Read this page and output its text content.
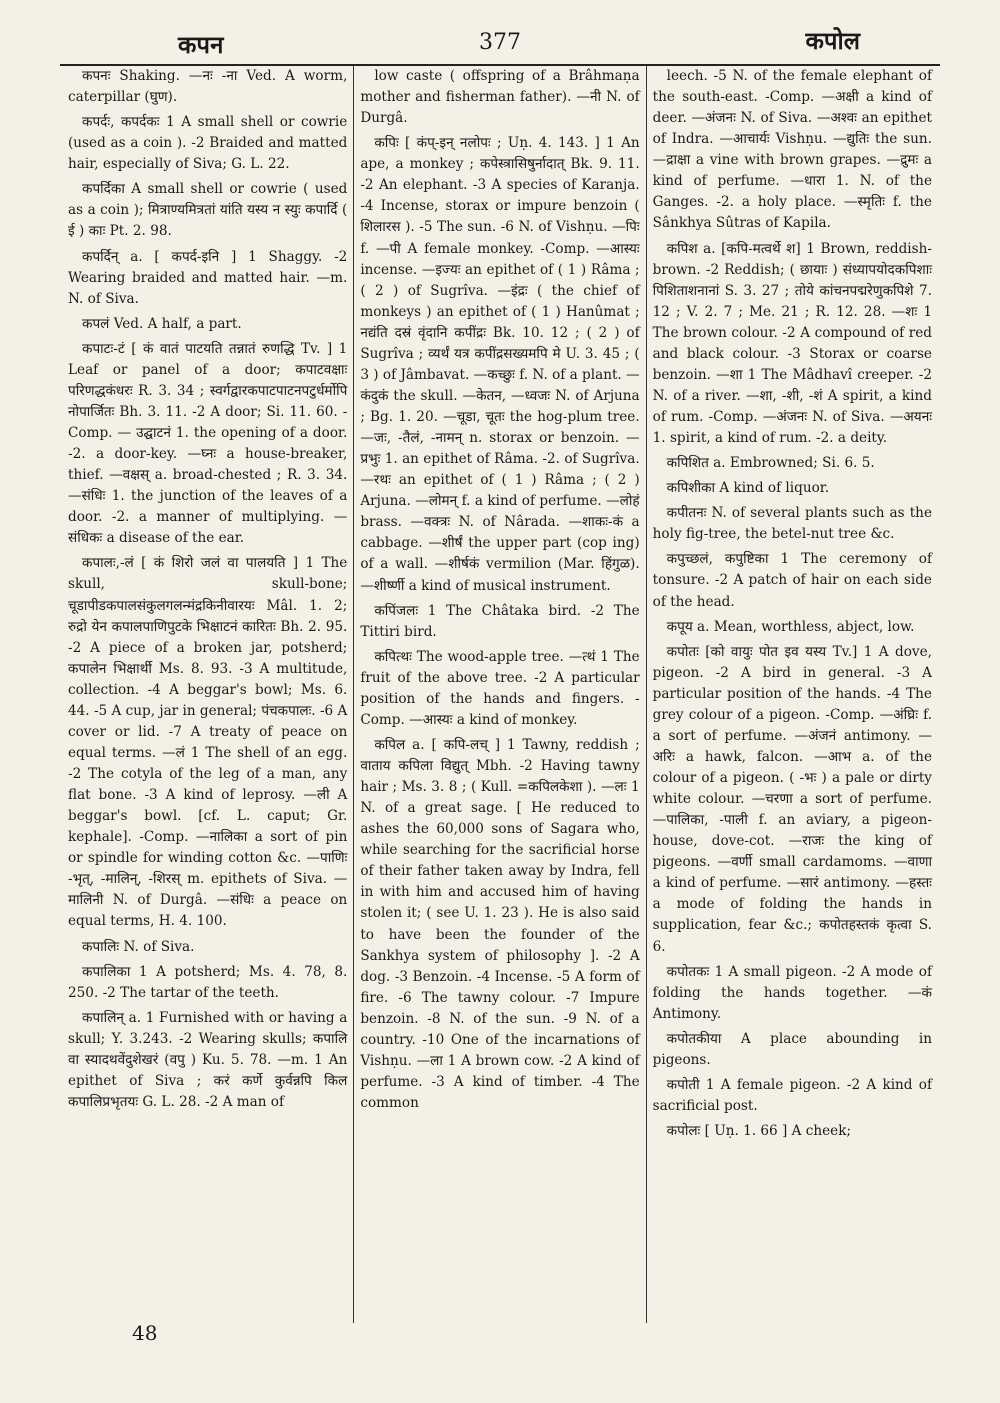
कपन	377	कपोल

कपनः Shaking. —नः -ना Ved. A worm, caterpillar (घुण).

कपर्दः, कपर्दकः 1 A small shell or cowrie (used as a coin ). -2 Braided and matted hair, especially of Siva; G. L. 22.

कपर्दिका A small shell or cowrie ( used as a coin ); मित्राण्यमित्रतां यांति यस्य न स्युः कपार्दि ( ई ) काः Pt. 2. 98.

कपर्दिन् a. [ कपर्द-इनि ] 1 Shaggy. -2 Wearing braided and matted hair. —m. N. of Siva.

कपलं Ved. A half, a part.

कपाटः-टं [ कं वातं पाटयति तन्नातं रुणद्धि Tv. ] 1 Leaf or panel of a door; कपाटवक्षाः परिणद्धकंधरः R. 3. 34 ; स्वर्गद्वारकपाटपाटनपटुर्धर्मोपि नोपार्जितः Bh. 3. 11. -2 A door; Si. 11. 60. -Comp. — उद्घाटनं 1. the opening of a door. -2. a door-key. —घ्नः a house-breaker, thief. —वक्षस् a. broad-chested ; R. 3. 34. —संधिः 1. the junction of the leaves of a door. -2. a manner of multiplying. —संधिकः a disease of the ear.

कपालः,-लं [ कं शिरो जलं वा पालयति ] 1 The skull, skull-bone; चूडापीडकपालसंकुलगलन्मंद्रकिनीवारयः Mâl. 1. 2; रुद्रो येन कपालपाणिपुटके भिक्षाटनं कारितः Bh. 2. 95. -2 A piece of a broken jar, potsherd; कपालेन भिक्षार्थी Ms. 8. 93. -3 A multitude, collection. -4 A beggar's bowl; Ms. 6. 44. -5 A cup, jar in general; पंचकपालः. -6 A cover or lid. -7 A treaty of peace on equal terms. —लं 1 The shell of an egg. -2 The cotyla of the leg of a man, any flat bone. -3 A kind of leprosy. —ली A beggar's bowl. [cf. L. caput; Gr. kephale]. -Comp. —नालिका a sort of pin or spindle for winding cotton &c. —पाणिः -भृत्, -मालिन्, -शिरस् m. epithets of Siva. —मालिनी N. of Durgâ. —संधिः a peace on equal terms, H. 4. 100.

कपालिः N. of Siva.

कपालिका 1 A potsherd; Ms. 4. 78, 8. 250. -2 The tartar of the teeth.

कपालिन् a. 1 Furnished with or having a skull; Y. 3.243. -2 Wearing skulls; कपालि वा स्यादथवेंदुशेखरं (वपु ) Ku. 5. 78. —m. 1 An epithet of Siva ; करं कर्णे कुर्वन्नपि किल कपालिप्रभृतयः G. L. 28. -2 A man of

low caste ( offspring of a Brâhmaṇa mother and fisherman father). —नी N. of Durgâ.

कपिः [ कंप्-इन् नलोपः ; Uṇ. 4. 143. ] 1 An ape, a monkey ; कपेस्त्रासिषुर्नादात् Bk. 9. 11. -2 An elephant. -3 A species of Karanja. -4 Incense, storax or impure benzoin ( शिलारस ). -5 The sun. -6 N. of Vishṇu. —पिः f. —पी A female monkey. -Comp. —आस्यः incense. —इज्यः an epithet of ( 1 ) Râma ; ( 2 ) of Sugrîva. —इंद्रः ( the chief of monkeys ) an epithet of ( 1 ) Hanûmat ; नद्यंति दस्रं वृंदानि कपींद्रः Bk. 10. 12 ; ( 2 ) of Sugrîva ; व्यर्थं यत्र कपींद्रसख्यमपि मे U. 3. 45 ; ( 3 ) of Jâmbavat. —कच्छुः f. N. of a plant. —कंदुकं the skull. —केतन, —ध्वजः N. of Arjuna ; Bg. 1. 20. —चूडा, चूतः the hog-plum tree. —जः, -तैलं, -नामन् n. storax or benzoin. —प्रभुः 1. an epithet of Râma. -2. of Sugrîva. —रथः an epithet of ( 1 ) Râma ; ( 2 ) Arjuna. —लोमन् f. a kind of perfume. —लोहं brass. —वक्त्रः N. of Nârada. —शाकः-कं a cabbage. —शीर्षं the upper part (cop ing) of a wall. —शीर्षकं vermilion (Mar. हिंगुळ). —शीर्ष्णी a kind of musical instrument.

कपिंजलः 1 The Châtaka bird. -2 The Tittiri bird.

कपित्थः The wood-apple tree. —त्थं 1 The fruit of the above tree. -2 A particular position of the hands and fingers. -Comp. —आस्यः a kind of monkey.

कपिल a. [ कपि-लच् ] 1 Tawny, reddish ; वाताय कपिला विद्युत् Mbh. -2 Having tawny hair ; Ms. 3. 8 ; ( Kull. =कपिलकेशा ). —लः 1 N. of a great sage. [ He reduced to ashes the 60,000 sons of Sagara who, while searching for the sacrificial horse of their father taken away by Indra, fell in with him and accused him of having stolen it; ( see U. 1. 23 ). He is also said to have been the founder of the Sankhya system of philosophy ]. -2 A dog. -3 Benzoin. -4 Incense. -5 A form of fire. -6 The tawny colour. -7 Impure benzoin. -8 N. of the sun. -9 N. of a country. -10 One of the incarnations of Vishṇu. —ला 1 A brown cow. -2 A kind of perfume. -3 A kind of timber. -4 The common

leech. -5 N. of the female elephant of the south-east. -Comp. —अक्षी a kind of deer. —अंजनः N. of Siva. —अश्वः an epithet of Indra. —आचार्यः Vishṇu. —द्युतिः the sun. —द्राक्षा a vine with brown grapes. —द्रुमः a kind of perfume. —धारा 1. N. of the Ganges. -2. a holy place. —स्मृतिः f. the Sânkhya Sûtras of Kapila.

कपिश a. [कपि-मत्वर्थे श] 1 Brown, reddish-brown. -2 Reddish; ( छायाः ) संध्यापयोदकपिशाः पिशिताशनानां S. 3. 27 ; तोये कांचनपद्मरेणुकपिशे 7. 12 ; V. 2. 7 ; Me. 21 ; R. 12. 28. —शः 1 The brown colour. -2 A compound of red and black colour. -3 Storax or coarse benzoin. —शा 1 The Mâdhavî creeper. -2 N. of a river. —शा, -शी, -शं A spirit, a kind of rum. -Comp. —अंजनः N. of Siva. —अयनः 1. spirit, a kind of rum. -2. a deity.

कपिशित a. Embrowned; Si. 6. 5.

कपिशीका A kind of liquor.

कपीतनः N. of several plants such as the holy fig-tree, the betel-nut tree &c.

कपुच्छलं, कपुष्टिका 1 The ceremony of tonsure. -2 A patch of hair on each side of the head.

कपूय a. Mean, worthless, abject, low.

कपोतः [को वायुः पोत इव यस्य Tv.] 1 A dove, pigeon. -2 A bird in general. -3 A particular position of the hands. -4 The grey colour of a pigeon. -Comp. —अंघ्रिः f. a sort of perfume. —अंजनं antimony. —अरिः a hawk, falcon. —आभ a. of the colour of a pigeon. ( -भः ) a pale or dirty white colour. —चरणा a sort of perfume. —पालिका, -पाली f. an aviary, a pigeon-house, dove-cot. —राजः the king of pigeons. —वर्णी small cardamoms. —वाणा a kind of perfume. —सारं antimony. —हस्तः a mode of folding the hands in supplication, fear &c.; कपोतहस्तकं कृत्वा S. 6.

कपोतकः 1 A small pigeon. -2 A mode of folding the hands together. —कं Antimony.

कपोतकीया A place abounding in pigeons.

कपोती 1 A female pigeon. -2 A kind of sacrificial post.

कपोलः [ Uṇ. 1. 66 ] A cheek;

48
